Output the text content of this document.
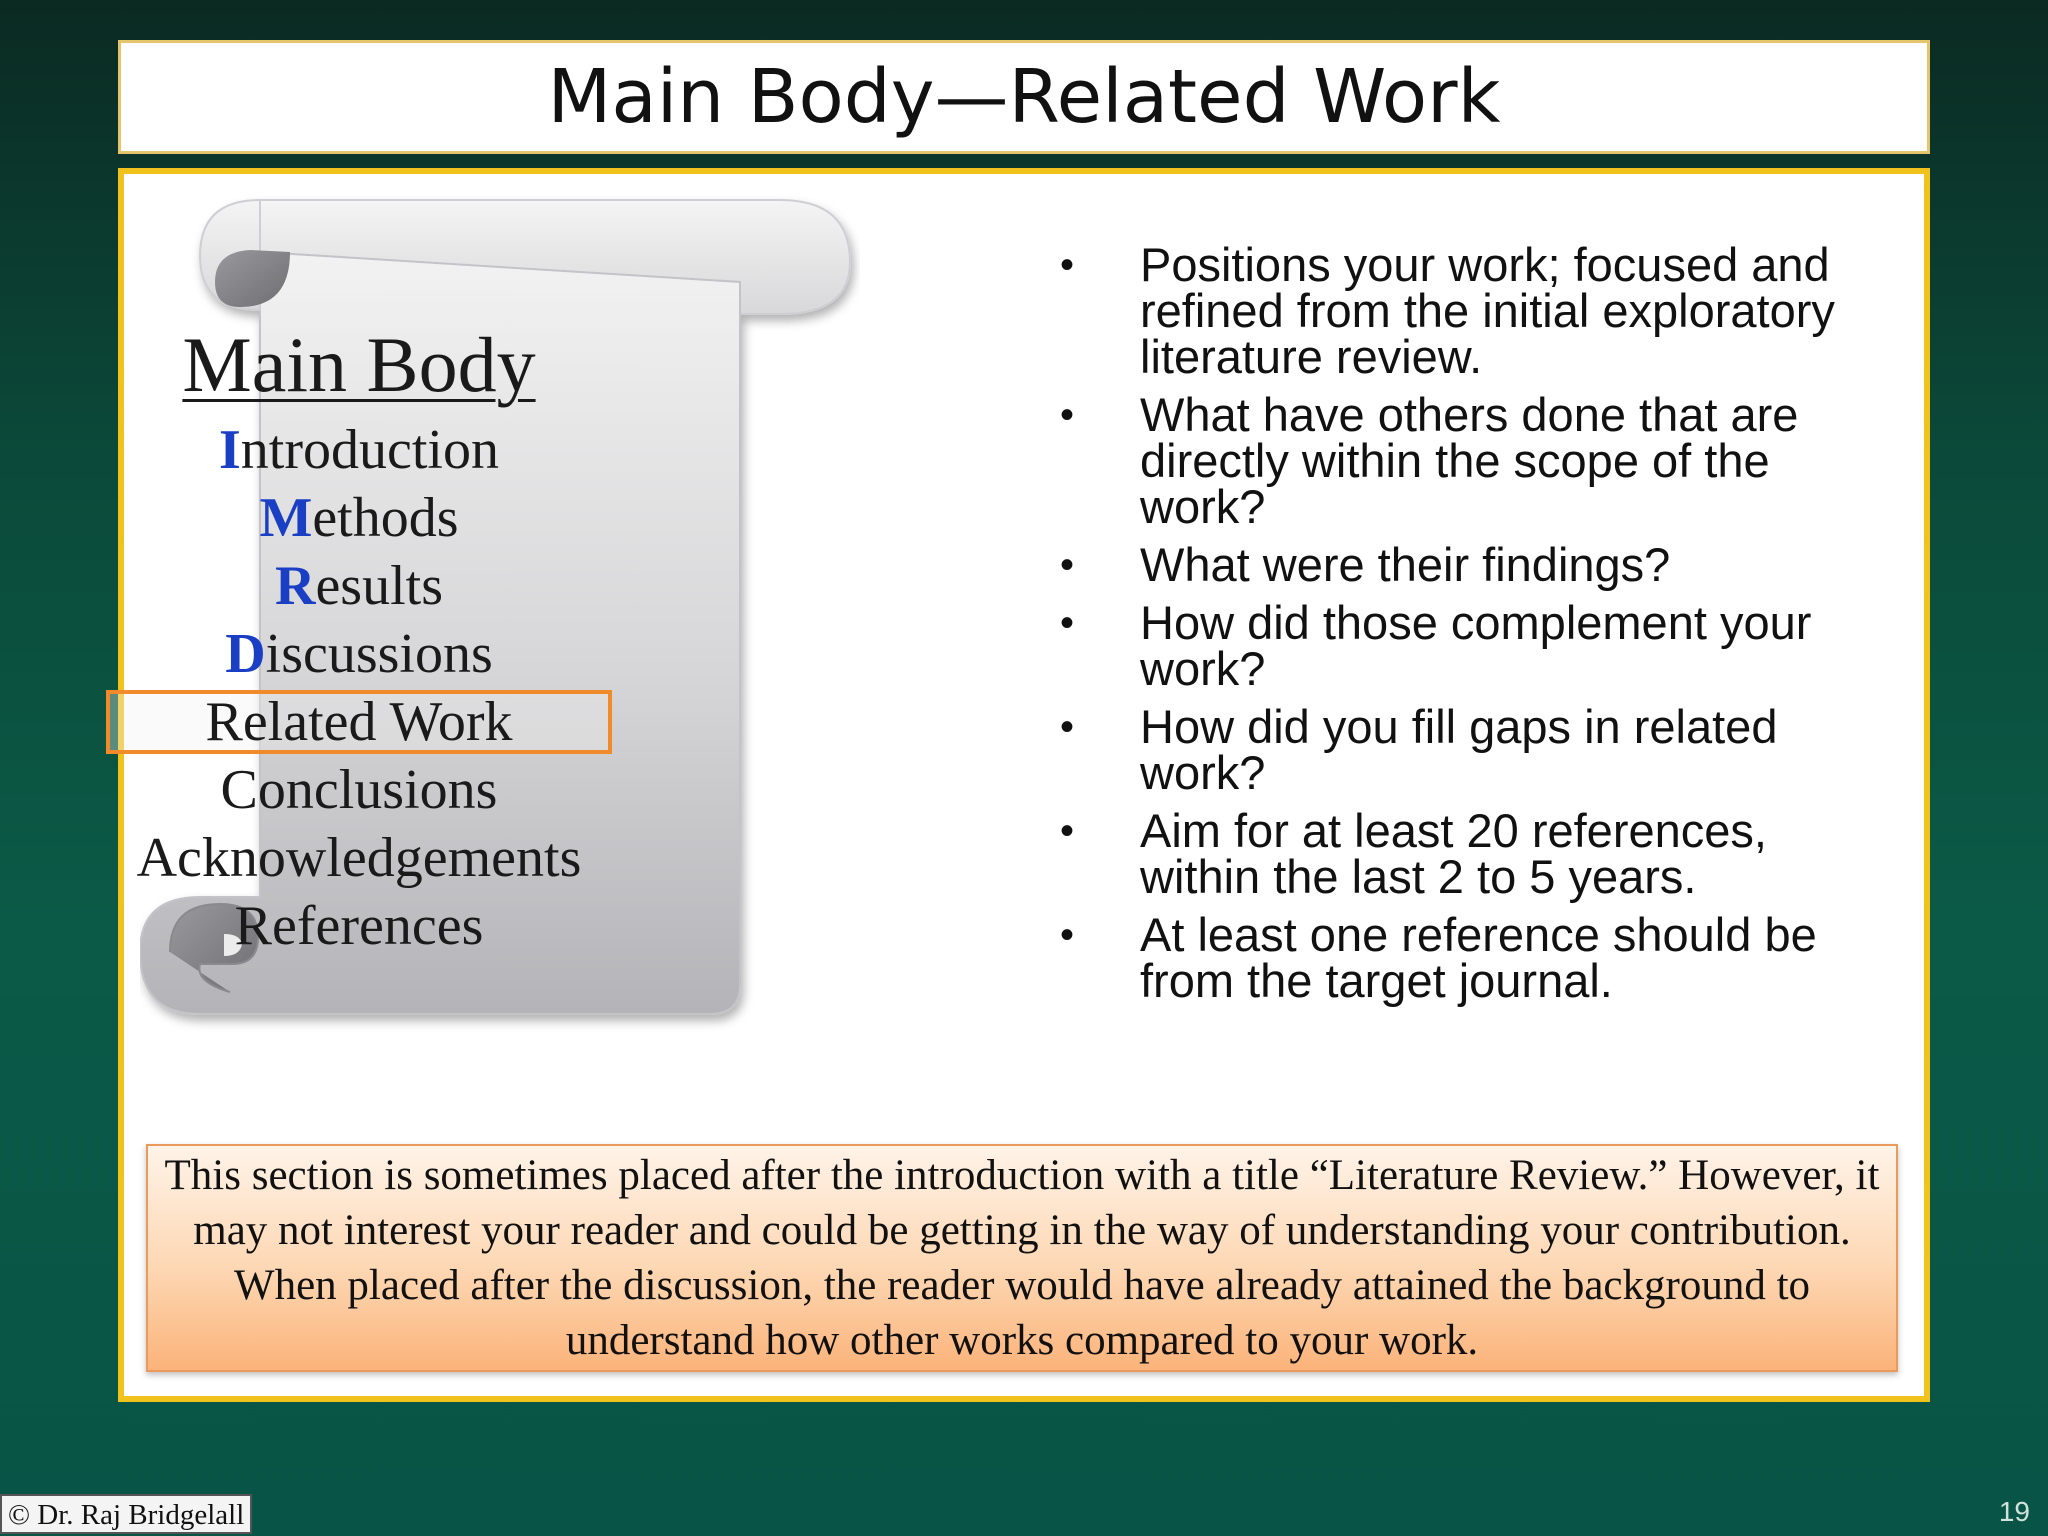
Main Body—Related Work
Main Body
Introduction
Methods
Results
Discussions
Related Work
Conclusions
Acknowledgements
References
• Positions your work; focused and refined from the initial exploratory literature review.
• What have others done that are directly within the scope of the work?
• What were their findings?
• How did those complement your work?
• How did you fill gaps in related work?
• Aim for at least 20 references, within the last 2 to 5 years.
• At least one reference should be from the target journal.
This section is sometimes placed after the introduction with a title “Literature Review.” However, it may not interest your reader and could be getting in the way of understanding your contribution. When placed after the discussion, the reader would have already attained the background to understand how other works compared to your work.
© Dr. Raj Bridgelall	19
